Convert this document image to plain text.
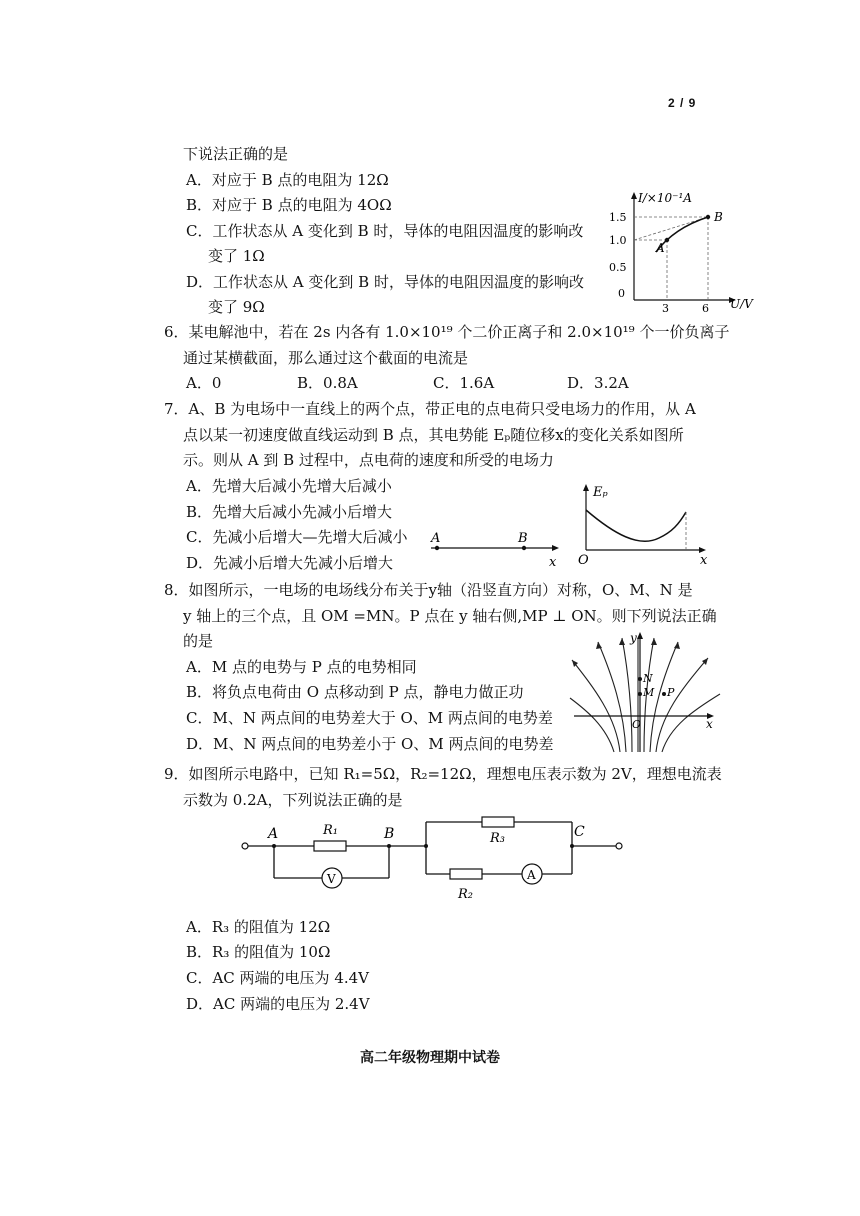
2 / 9
下说法正确的是
A．对应于 B 点的电阻为 12Ω
B．对应于 B 点的电阻为 4OΩ
C．工作状态从 A 变化到 B 时，导体的电阻因温度的影响改
变了 1Ω
D．工作状态从 A 变化到 B 时，导体的电阻因温度的影响改
变了 9Ω
I/×10⁻¹A
U/V
1.5
1.0
0.5
0
3	6
A
B
6．某电解池中，若在 2s 内各有 1.0×10¹⁹ 个二价正离子和 2.0×10¹⁹ 个一价负离子
通过某横截面，那么通过这个截面的电流是
A．0	B．0.8A	C．1.6A	D．3.2A
7．A、B 为电场中一直线上的两个点，带正电的点电荷只受电场力的作用，从 A
点以某一初速度做直线运动到 B 点，其电势能 Eₚ随位移x的变化关系如图所
示。则从 A 到 B 过程中，点电荷的速度和所受的电场力
A．先增大后减小先增大后减小
B．先增大后减小先减小后增大
C．先减小后增大—先增大后减小
D．先减小后增大先减小后增大
A	B
x
Eₚ
x
O
8．如图所示，一电场的电场线分布关于y轴（沿竖直方向）对称，O、M、N 是
y 轴上的三个点，且 OM =MN。P 点在 y 轴右侧,MP ⊥ ON。则下列说法正确
的是
A．M 点的电势与 P 点的电势相同
B．将负点电荷由 O 点移动到 P 点，静电力做正功
C．M、N 两点间的电势差大于 O、M 两点间的电势差
D．M、N 两点间的电势差小于 O、M 两点间的电势差
y
x
N
M P
O
9．如图所示电路中，已知 R₁=5Ω，R₂=12Ω，理想电压表示数为 2V，理想电流表
示数为 0.2A，下列说法正确的是
V	A
A	B	C
R₁
R₃
R₂
A．R₃ 的阻值为 12Ω
B．R₃ 的阻值为 10Ω
C．AC 两端的电压为 4.4V
D．AC 两端的电压为 2.4V
高二年级物理期中试卷
